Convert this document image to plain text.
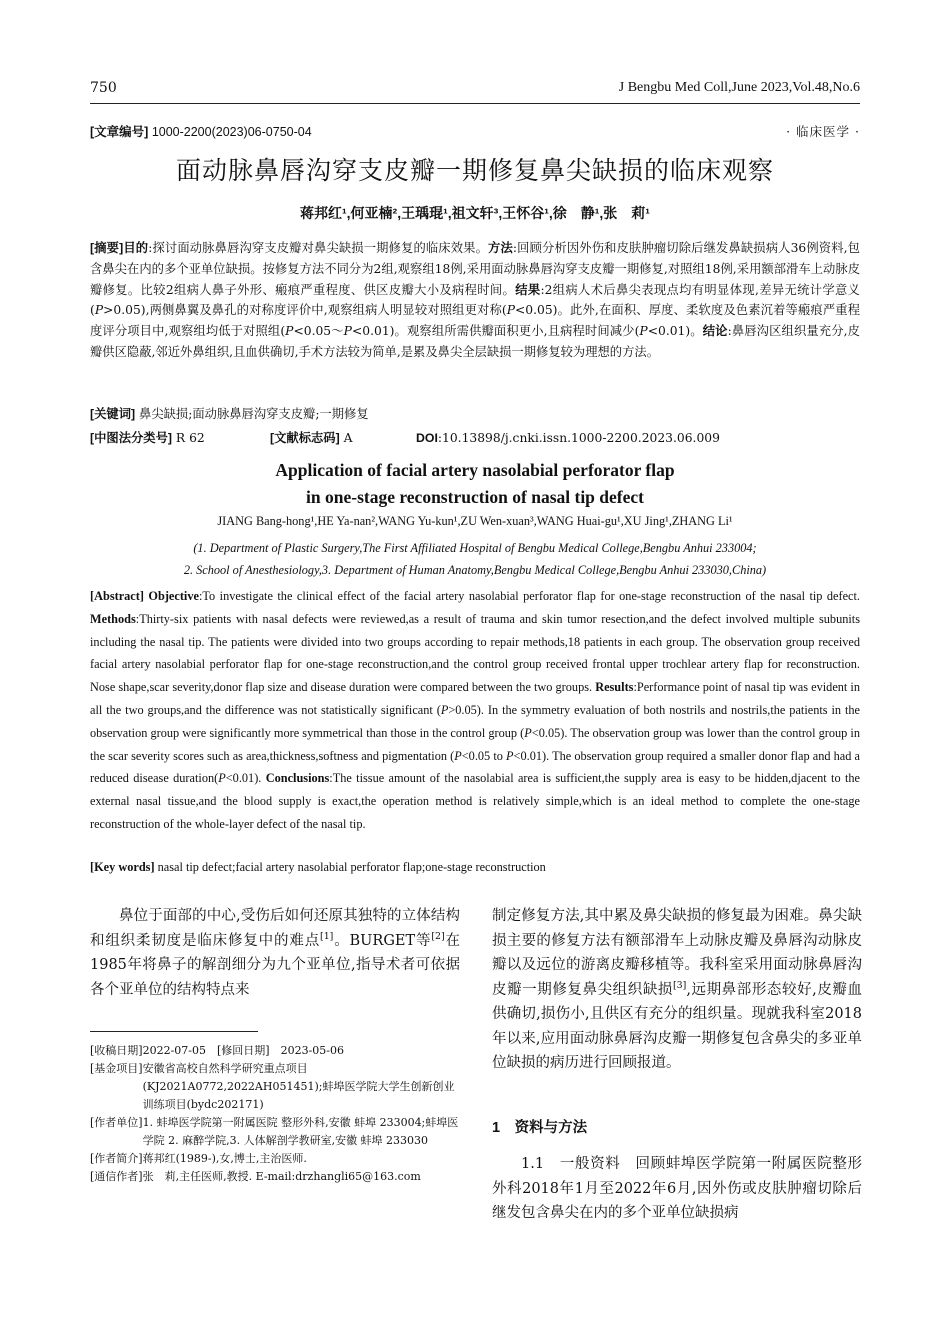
750	J Bengbu Med Coll,June 2023,Vol.48,No.6
[文章编号] 1000-2200(2023)06-0750-04	· 临床医学 ·
面动脉鼻唇沟穿支皮瓣一期修复鼻尖缺损的临床观察
蒋邦红¹,何亚楠²,王瑀琨¹,祖文轩³,王怀谷¹,徐　静¹,张　莉¹
[摘要]目的:探讨面动脉鼻唇沟穿支皮瓣对鼻尖缺损一期修复的临床效果。方法:回顾分析因外伤和皮肤肿瘤切除后继发鼻缺损病人36例资料,包含鼻尖在内的多个亚单位缺损。按修复方法不同分为2组,观察组18例,采用面动脉鼻唇沟穿支皮瓣一期修复,对照组18例,采用额部滑车上动脉皮瓣修复。比较2组病人鼻子外形、瘢痕严重程度、供区皮瓣大小及病程时间。结果:2组病人术后鼻尖表现点均有明显体现,差异无统计学意义(P>0.05),两侧鼻翼及鼻孔的对称度评价中,观察组病人明显较对照组更对称(P<0.05)。此外,在面积、厚度、柔软度及色素沉着等瘢痕严重程度评分项目中,观察组均低于对照组(P<0.05～P<0.01)。观察组所需供瓣面积更小,且病程时间减少(P<0.01)。结论:鼻唇沟区组织量充分,皮瓣供区隐蔽,邻近外鼻组织,且血供确切,手术方法较为简单,是累及鼻尖全层缺损一期修复较为理想的方法。
[关键词] 鼻尖缺损;面动脉鼻唇沟穿支皮瓣;一期修复
[中图法分类号] R 62	[文献标志码] A	DOI:10.13898/j.cnki.issn.1000-2200.2023.06.009
Application of facial artery nasolabial perforator flap
in one-stage reconstruction of nasal tip defect
JIANG Bang-hong¹,HE Ya-nan²,WANG Yu-kun¹,ZU Wen-xuan³,WANG Huai-gu¹,XU Jing¹,ZHANG Li¹
(1. Department of Plastic Surgery,The First Affiliated Hospital of Bengbu Medical College,Bengbu Anhui 233004;
2. School of Anesthesiology,3. Department of Human Anatomy,Bengbu Medical College,Bengbu Anhui 233030,China)
[Abstract] Objective:To investigate the clinical effect of the facial artery nasolabial perforator flap for one-stage reconstruction of the nasal tip defect. Methods:Thirty-six patients with nasal defects were reviewed,as a result of trauma and skin tumor resection,and the defect involved multiple subunits including the nasal tip. The patients were divided into two groups according to repair methods,18 patients in each group. The observation group received facial artery nasolabial perforator flap for one-stage reconstruction,and the control group received frontal upper trochlear artery flap for reconstruction. Nose shape,scar severity,donor flap size and disease duration were compared between the two groups. Results:Performance point of nasal tip was evident in all the two groups,and the difference was not statistically significant (P>0.05). In the symmetry evaluation of both nostrils and nostrils,the patients in the observation group were significantly more symmetrical than those in the control group (P<0.05). The observation group was lower than the control group in the scar severity scores such as area,thickness,softness and pigmentation (P<0.05 to P<0.01). The observation group required a smaller donor flap and had a reduced disease duration(P<0.01). Conclusions:The tissue amount of the nasolabial area is sufficient,the supply area is easy to be hidden,djacent to the external nasal tissue,and the blood supply is exact,the operation method is relatively simple,which is an ideal method to complete the one-stage reconstruction of the whole-layer defect of the nasal tip.
[Key words] nasal tip defect;facial artery nasolabial perforator flap;one-stage reconstruction
鼻位于面部的中心,受伤后如何还原其独特的立体结构和组织柔韧度是临床修复中的难点[1]。BURGET等[2]在1985年将鼻子的解剖细分为九个亚单位,指导术者可依据各个亚单位的结构特点来
[收稿日期] 2022-07-05　[修回日期]　2023-05-06
[基金项目] 安徽省高校自然科学研究重点项目(KJ2021A0772,2022AH051451);蚌埠医学院大学生创新创业训练项目(bydc202171)
[作者单位] 1. 蚌埠医学院第一附属医院 整形外科,安徽 蚌埠 233004;蚌埠医学院 2. 麻醉学院,3. 人体解剖学教研室,安徽 蚌埠 233030
[作者简介] 蒋邦红(1989-),女,博士,主治医师.
[通信作者] 张　莉,主任医师,教授. E-mail:drzhangli65@163.com
制定修复方法,其中累及鼻尖缺损的修复最为困难。鼻尖缺损主要的修复方法有额部滑车上动脉皮瓣及鼻唇沟动脉皮瓣以及远位的游离皮瓣移植等。我科室采用面动脉鼻唇沟皮瓣一期修复鼻尖组织缺损[3],远期鼻部形态较好,皮瓣血供确切,损伤小,且供区有充分的组织量。现就我科室2018年以来,应用面动脉鼻唇沟皮瓣一期修复包含鼻尖的多亚单位缺损的病历进行回顾报道。
1　资料与方法
1.1　一般资料　回顾蚌埠医学院第一附属医院整形外科2018年1月至2022年6月,因外伤或皮肤肿瘤切除后继发包含鼻尖在内的多个亚单位缺损病
